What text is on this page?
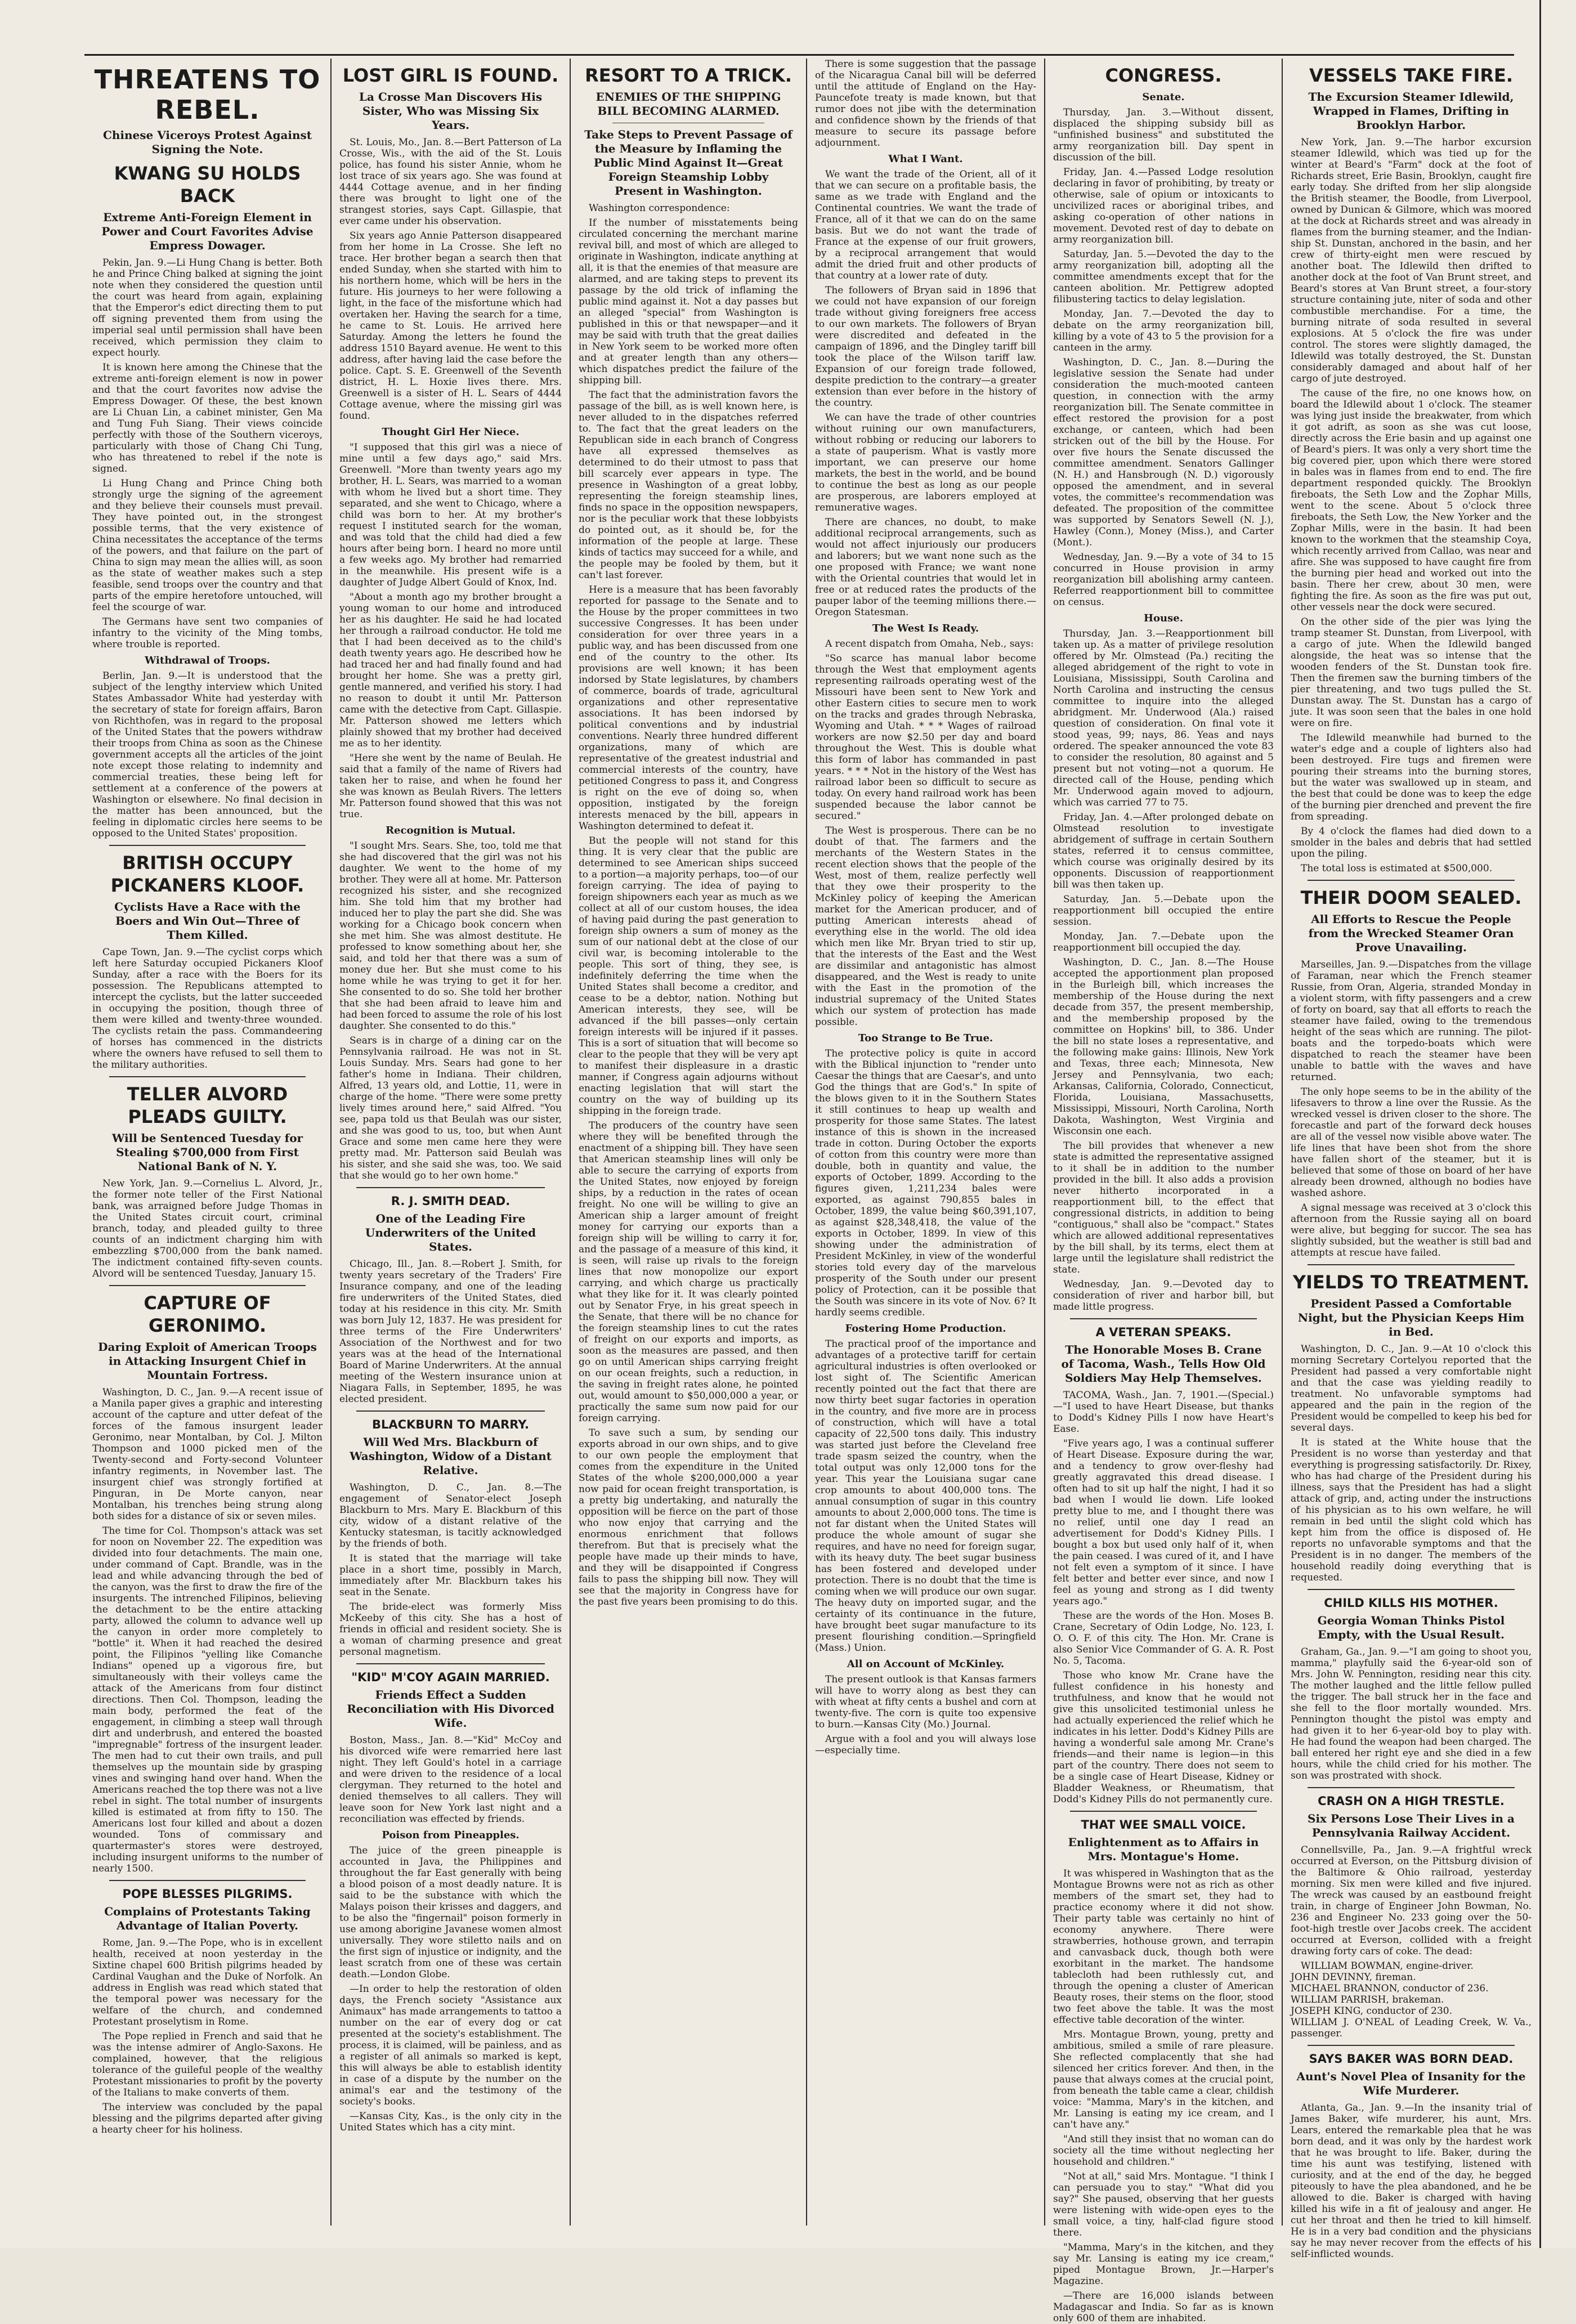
THREATENS TO REBEL.
Chinese Viceroys Protest Against Signing the Note.
KWANG SU HOLDS BACK
Extreme Anti-Foreign Element in Power and Court Favorites Advise Empress Dowager.

Pekin, Jan. 9.—Li Hung Chang is better. Both he and Prince Ching balked at signing the joint note when they considered the question until the court was heard from again, explaining that the Emperor's edict directing them to put off signing prevented them from using the imperial seal until permission shall have been received, which permission they claim to expect hourly.

It is known here among the Chinese that the extreme anti-foreign element is now in power and that the court favorites now advise the Empress Dowager. Of these, the best known are Li Chuan Lin, a cabinet minister, Gen Ma and Tung Fuh Siang. Their views coincide perfectly with those of the Southern viceroys, particularly with those of Chang Chi Tung, who has threatened to rebel if the note is signed.

Li Hung Chang and Prince Ching both strongly urge the signing of the agreement and they believe their counsels must prevail. They have pointed out, in the strongest possible terms, that the very existence of China necessitates the acceptance of the terms of the powers, and that failure on the part of China to sign may mean the allies will, as soon as the state of weather makes such a step feasible, send troops over the country and that parts of the empire heretofore untouched, will feel the scourge of war.

The Germans have sent two companies of infantry to the vicinity of the Ming tombs, where trouble is reported.

Withdrawal of Troops.

Berlin, Jan. 9.—It is understood that the subject of the lengthy interview which United States Ambassador White had yesterday with the secretary of state for foreign affairs, Baron von Richthofen, was in regard to the proposal of the United States that the powers withdraw their troops from China as soon as the Chinese government accepts all the articles of the joint note except those relating to indemnity and commercial treaties, these being left for settlement at a conference of the powers at Washington or elsewhere. No final decision in the matter has been announced, but the feeling in diplomatic circles here seems to be opposed to the United States' proposition.

BRITISH OCCUPY PICKANERS KLOOF.
Cyclists Have a Race with the Boers and Win Out—Three of Them Killed.

Cape Town, Jan. 9.—The cyclist corps which left here Saturday occupied Pickaners Kloof Sunday, after a race with the Boers for its possession. The Republicans attempted to intercept the cyclists, but the latter succeeded in occupying the position, though three of them were killed and twenty-three wounded. The cyclists retain the pass. Commandeering of horses has commenced in the districts where the owners have refused to sell them to the military authorities.

TELLER ALVORD PLEADS GUILTY.
Will be Sentenced Tuesday for Stealing $700,000 from First National Bank of N. Y.

New York, Jan. 9.—Cornelius L. Alvord, Jr., the former note teller of the First National bank, was arraigned before Judge Thomas in the United States circuit court, criminal branch, today, and pleaded guilty to three counts of an indictment charging him with embezzling $700,000 from the bank named. The indictment contained fifty-seven counts. Alvord will be sentenced Tuesday, January 15.

CAPTURE OF GERONIMO.
Daring Exploit of American Troops in Attacking Insurgent Chief in Mountain Fortress.

Washington, D. C., Jan. 9.—A recent issue of a Manila paper gives a graphic and interesting account of the capture and utter defeat of the forces of the famous insurgent leader Geronimo, near Montalban, by Col. J. Milton Thompson and 1000 picked men of the Twenty-second and Forty-second Volunteer infantry regiments, in November last. The insurgent chief was strongly fortified at Pinguran, in De Morte canyon, near Montalban, his trenches being strung along both sides for a distance of six or seven miles.

The time for Col. Thompson's attack was set for noon on November 22. The expedition was divided into four detachments. The main one, under command of Capt. Brandle, was in the lead and while advancing through the bed of the canyon, was the first to draw the fire of the insurgents. The intrenched Filipinos, believing the detachment to be the entire attacking party, allowed the column to advance well up the canyon in order more completely to "bottle" it. When it had reached the desired point, the Filipinos "yelling like Comanche Indians" opened up a vigorous fire, but simultaneously with their volleys came the attack of the Americans from four distinct directions. Then Col. Thompson, leading the main body, performed the feat of the engagement, in climbing a steep wall through dirt and underbrush, and entered the boasted "impregnable" fortress of the insurgent leader. The men had to cut their own trails, and pull themselves up the mountain side by grasping vines and swinging hand over hand. When the Americans reached the top there was not a live rebel in sight. The total number of insurgents killed is estimated at from fifty to 150. The Americans lost four killed and about a dozen wounded. Tons of commissary and quartermaster's stores were destroyed, including insurgent uniforms to the number of nearly 1500.

POPE BLESSES PILGRIMS.
Complains of Protestants Taking Advantage of Italian Poverty.

Rome, Jan. 9.—The Pope, who is in excellent health, received at noon yesterday in the Sixtine chapel 600 British pilgrims headed by Cardinal Vaughan and the Duke of Norfolk. An address in English was read which stated that the temporal power was necessary for the welfare of the church, and condemned Protestant proselytism in Rome.

The Pope replied in French and said that he was the intense admirer of Anglo-Saxons. He complained, however, that the religious tolerance of the guileful people of the wealthy Protestant missionaries to profit by the poverty of the Italians to make converts of them.

The interview was concluded by the papal blessing and the pilgrims departed after giving a hearty cheer for his holiness.

LOST GIRL IS FOUND.
La Crosse Man Discovers His Sister, Who was Missing Six Years.

St. Louis, Mo., Jan. 8.—Bert Patterson of La Crosse, Wis., with the aid of the St. Louis police, has found his sister Annie, whom he lost trace of six years ago. She was found at 4444 Cottage avenue, and in her finding there was brought to light one of the strangest stories, says Capt. Gillaspie, that ever came under his observation.

Six years ago Annie Patterson disappeared from her home in La Crosse. She left no trace. Her brother began a search then that ended Sunday, when she started with him to his northern home, which will be hers in the future. His journeys to her were following a light, in the face of the misfortune which had overtaken her. Having the search for a time, he came to St. Louis. He arrived here Saturday. Among the letters he found the address 1510 Bayard avenue. He went to this address, after having laid the case before the police. Capt. S. E. Greenwell of the Seventh district, H. L. Hoxie lives there. Mrs. Greenwell is a sister of H. L. Sears of 4444 Cottage avenue, where the missing girl was found.

Thought Girl Her Niece.

"I supposed that this girl was a niece of mine until a few days ago," said Mrs. Greenwell. "More than twenty years ago my brother, H. L. Sears, was married to a woman with whom he lived but a short time. They separated, and she went to Chicago, where a child was born to her. At my brother's request I instituted search for the woman, and was told that the child had died a few hours after being born. I heard no more until a few weeks ago. My brother had remarried in the meanwhile. His present wife is a daughter of Judge Albert Gould of Knox, Ind.

"About a month ago my brother brought a young woman to our home and introduced her as his daughter. He said he had located her through a railroad conductor. He told me that I had been deceived as to the child's death twenty years ago. He described how he had traced her and had finally found and had brought her home. She was a pretty girl, gentle mannered, and verified his story. I had no reason to doubt it until Mr. Patterson came with the detective from Capt. Gillaspie. Mr. Patterson showed me letters which plainly showed that my brother had deceived me as to her identity.

"Here she went by the name of Beulah. He said that a family of the name of Rivers had taken her to raise, and when he found her she was known as Beulah Rivers. The letters Mr. Patterson found showed that this was not true.

Recognition is Mutual.

"I sought Mrs. Sears. She, too, told me that she had discovered that the girl was not his daughter. We went to the home of my brother. They were all at home. Mr. Patterson recognized his sister, and she recognized him. She told him that my brother had induced her to play the part she did. She was working for a Chicago book concern when she met him. She was almost destitute. He professed to know something about her, she said, and told her that there was a sum of money due her. But she must come to his home while he was trying to get it for her. She consented to do so. She told her brother that she had been afraid to leave him and had been forced to assume the role of his lost daughter. She consented to do this."

Sears is in charge of a dining car on the Pennsylvania railroad. He was not in St. Louis Sunday. Mrs. Sears had gone to her father's home in Indiana. Their children, Alfred, 13 years old, and Lottie, 11, were in charge of the home. "There were some pretty lively times around here," said Alfred. "You see, papa told us that Beulah was our sister, and she was good to us, too, but when Aunt Grace and some men came here they were pretty mad. Mr. Patterson said Beulah was his sister, and she said she was, too. We said that she would go to her own home."

R. J. SMITH DEAD.
One of the Leading Fire Underwriters of the United States.

Chicago, Ill., Jan. 8.—Robert J. Smith, for twenty years secretary of the Traders' Fire Insurance company, and one of the leading fire underwriters of the United States, died today at his residence in this city. Mr. Smith was born July 12, 1837. He was president for three terms of the Fire Underwriters' Association of the Northwest and for two years was at the head of the International Board of Marine Underwriters. At the annual meeting of the Western insurance union at Niagara Falls, in September, 1895, he was elected president.

BLACKBURN TO MARRY.
Will Wed Mrs. Blackburn of Washington, Widow of a Distant Relative.

Washington, D. C., Jan. 8.—The engagement of Senator-elect Joseph Blackburn to Mrs. Mary E. Blackburn of this city, widow of a distant relative of the Kentucky statesman, is tacitly acknowledged by the friends of both.

It is stated that the marriage will take place in a short time, possibly in March, immediately after Mr. Blackburn takes his seat in the Senate.

The bride-elect was formerly Miss McKeeby of this city. She has a host of friends in official and resident society. She is a woman of charming presence and great personal magnetism.

"KID" M'COY AGAIN MARRIED.
Friends Effect a Sudden Reconciliation with His Divorced Wife.

Boston, Mass., Jan. 8.—"Kid" McCoy and his divorced wife were remarried here last night. They left Gould's hotel in a carriage and were driven to the residence of a local clergyman. They returned to the hotel and denied themselves to all callers. They will leave soon for New York last night and a reconciliation was effected by friends.

Poison from Pineapples.

The juice of the green pineapple is accounted in Java, the Philippines and throughout the far East generally with being a blood poison of a most deadly nature. It is said to be the substance with which the Malays poison their krisses and daggers, and to be also the "fingernail" poison formerly in use among aborigine Javanese women almost universally. They wore stiletto nails and on the first sign of injustice or indignity, and the least scratch from one of these was certain death.—London Globe.

—In order to help the restoration of olden days, the French society "Assistance aux Animaux" has made arrangements to tattoo a number on the ear of every dog or cat presented at the society's establishment. The process, it is claimed, will be painless, and as a register of all animals so marked is kept, this will always be able to establish identity in case of a dispute by the number on the animal's ear and the testimony of the society's books.

—Kansas City, Kas., is the only city in the United States which has a city mint.

RESORT TO A TRICK.
ENEMIES OF THE SHIPPING BILL BECOMING ALARMED.
Take Steps to Prevent Passage of the Measure by Inflaming the Public Mind Against It—Great Foreign Steamship Lobby Present in Washington.

Washington correspondence:

If the number of misstatements being circulated concerning the merchant marine revival bill, and most of which are alleged to originate in Washington, indicate anything at all, it is that the enemies of that measure are alarmed, and are taking steps to prevent its passage by the old trick of inflaming the public mind against it. Not a day passes but an alleged "special" from Washington is published in this or that newspaper—and it may be said with truth that the great dailies in New York seem to be worked more often and at greater length than any others—which dispatches predict the failure of the shipping bill.

The fact that the administration favors the passage of the bill, as is well known here, is never alluded to in the dispatches referred to. The fact that the great leaders on the Republican side in each branch of Congress have all expressed themselves as determined to do their utmost to pass that bill scarcely ever appears in type. The presence in Washington of a great lobby, representing the foreign steamship lines, finds no space in the opposition newspapers, nor is the peculiar work that these lobbyists do pointed out, as it should be, for the information of the people at large. These kinds of tactics may succeed for a while, and the people may be fooled by them, but it can't last forever.

Here is a measure that has been favorably reported for passage to the Senate and to the House by the proper committees in two successive Congresses. It has been under consideration for over three years in a public way, and has been discussed from one end of the country to the other. Its provisions are well known; it has been indorsed by State legislatures, by chambers of commerce, boards of trade, agricultural organizations and other representative associations. It has been indorsed by political conventions and by industrial conventions. Nearly three hundred different organizations, many of which are representative of the greatest industrial and commercial interests of the country, have petitioned Congress to pass it, and Congress is right on the eve of doing so, when opposition, instigated by the foreign interests menaced by the bill, appears in Washington determined to defeat it.

But the people will not stand for this thing. It is very clear that the public are determined to see American ships succeed to a portion—a majority perhaps, too—of our foreign carrying. The idea of paying to foreign shipowners each year as much as we collect at all of our custom houses, the idea of having paid during the past generation to foreign ship owners a sum of money as the sum of our national debt at the close of our civil war, is becoming intolerable to the people. This sort of thing, they see, is indefinitely deferring the time when the United States shall become a creditor, and cease to be a debtor, nation. Nothing but American interests, they see, will be advanced if the bill passes—only certain foreign interests will be injured if it passes. This is a sort of situation that will become so clear to the people that they will be very apt to manifest their displeasure in a drastic manner, if Congress again adjourns without enacting legislation that will start the country on the way of building up its shipping in the foreign trade.

The producers of the country have seen where they will be benefited through the enactment of a shipping bill. They have seen that American steamship lines will only be able to secure the carrying of exports from the United States, now enjoyed by foreign ships, by a reduction in the rates of ocean freight. No one will be willing to give an American ship a larger amount of freight money for carrying our exports than a foreign ship will be willing to carry it for, and the passage of a measure of this kind, it is seen, will raise up rivals to the foreign lines that now monopolize our export carrying, and which charge us practically what they like for it. It was clearly pointed out by Senator Frye, in his great speech in the Senate, that there will be no chance for the foreign steamship lines to cut the rates of freight on our exports and imports, as soon as the measures are passed, and then go on until American ships carrying freight on our ocean freights, such a reduction, in the saving in freight rates alone, he pointed out, would amount to $50,000,000 a year, or practically the same sum now paid for our foreign carrying.

To save such a sum, by sending our exports abroad in our own ships, and to give to our own people the employment that comes from the expenditure in the United States of the whole $200,000,000 a year now paid for ocean freight transportation, is a pretty big undertaking, and naturally the opposition will be fierce on the part of those who now enjoy that carrying and the enormous enrichment that follows therefrom. But that is precisely what the people have made up their minds to have, and they will be disappointed if Congress fails to pass the shipping bill now. They will see that the majority in Congress have for the past five years been promising to do this.

There is some suggestion that the passage of the Nicaragua Canal bill will be deferred until the attitude of England on the Hay-Pauncefote treaty is made known, but that rumor does not jibe with the determination and confidence shown by the friends of that measure to secure its passage before adjournment.

What I Want.

We want the trade of the Orient, all of it that we can secure on a profitable basis, the same as we trade with England and the Continental countries. We want the trade of France, all of it that we can do on the same basis. But we do not want the trade of France at the expense of our fruit growers, by a reciprocal arrangement that would admit the dried fruit and other products of that country at a lower rate of duty.

The followers of Bryan said in 1896 that we could not have expansion of our foreign trade without giving foreigners free access to our own markets. The followers of Bryan were discredited and defeated in the campaign of 1896, and the Dingley tariff bill took the place of the Wilson tariff law. Expansion of our foreign trade followed, despite prediction to the contrary—a greater extension than ever before in the history of the country.

We can have the trade of other countries without ruining our own manufacturers, without robbing or reducing our laborers to a state of pauperism. What is vastly more important, we can preserve our home markets, the best in the world, and be bound to continue the best as long as our people are prosperous, are laborers employed at remunerative wages.

There are chances, no doubt, to make additional reciprocal arrangements, such as would not affect injuriously our producers and laborers; but we want none such as the one proposed with France; we want none with the Oriental countries that would let in free or at reduced rates the products of the pauper labor of the teeming millions there.—Oregon Statesman.

The West Is Ready.

A recent dispatch from Omaha, Neb., says:

"So scarce has manual labor become through the West that employment agents representing railroads operating west of the Missouri have been sent to New York and other Eastern cities to secure men to work on the tracks and grades through Nebraska, Wyoming and Utah. * * * Wages of railroad workers are now $2.50 per day and board throughout the West. This is double what this form of labor has commanded in past years. * * * Not in the history of the West has railroad labor been so difficult to secure as today. On every hand railroad work has been suspended because the labor cannot be secured."

The West is prosperous. There can be no doubt of that. The farmers and the merchants of the Western States in the recent election shows that the people of the West, most of them, realize perfectly well that they owe their prosperity to the McKinley policy of keeping the American market for the American producer, and of putting American interests ahead of everything else in the world. The old idea which men like Mr. Bryan tried to stir up, that the interests of the East and the West are dissimilar and antagonistic has almost disappeared, and the West is ready to unite with the East in the promotion of the industrial supremacy of the United States which our system of protection has made possible.

Too Strange to Be True.

The protective policy is quite in accord with the Biblical injunction to "render unto Caesar the things that are Caesar's, and unto God the things that are God's." In spite of the blows given to it in the Southern States it still continues to heap up wealth and prosperity for those same States. The latest instance of this is shown in the increased trade in cotton. During October the exports of cotton from this country were more than double, both in quantity and value, the exports of October, 1899. According to the figures given, 1,211,234 bales were exported, as against 790,855 bales in October, 1899, the value being $60,391,107, as against $28,348,418, the value of the exports in October, 1899. In view of this showing under the administration of President McKinley, in view of the wonderful stories told every day of the marvelous prosperity of the South under our present policy of Protection, can it be possible that the South was sincere in its vote of Nov. 6? It hardly seems credible.

Fostering Home Production.

The practical proof of the importance and advantages of a protective tariff for certain agricultural industries is often overlooked or lost sight of. The Scientific American recently pointed out the fact that there are now thirty beet sugar factories in operation in the country, and five more are in process of construction, which will have a total capacity of 22,500 tons daily. This industry was started just before the Cleveland free trade spasm seized the country, when the total output was only 12,000 tons for the year. This year the Louisiana sugar cane crop amounts to about 400,000 tons. The annual consumption of sugar in this country amounts to about 2,000,000 tons. The time is not far distant when the United States will produce the whole amount of sugar she requires, and have no need for foreign sugar, with its heavy duty. The beet sugar business has been fostered and developed under protection. There is no doubt that the time is coming when we will produce our own sugar. The heavy duty on imported sugar, and the certainty of its continuance in the future, have brought beet sugar manufacture to its present flourishing condition.—Springfield (Mass.) Union.

All on Account of McKinley.

The present outlook is that Kansas farmers will have to worry along as best they can with wheat at fifty cents a bushel and corn at twenty-five. The corn is quite too expensive to burn.—Kansas City (Mo.) Journal.

Argue with a fool and you will always lose—especially time.

CONGRESS.
Senate.

Thursday, Jan. 3.—Without dissent, displaced the shipping subsidy bill as "unfinished business" and substituted the army reorganization bill. Day spent in discussion of the bill.

Friday, Jan. 4.—Passed Lodge resolution declaring in favor of prohibiting, by treaty or otherwise, sale of opium or intoxicants to uncivilized races or aboriginal tribes, and asking co-operation of other nations in movement. Devoted rest of day to debate on army reorganization bill.

Saturday, Jan. 5.—Devoted the day to the army reorganization bill, adopting all the committee amendments except that for the canteen abolition. Mr. Pettigrew adopted filibustering tactics to delay legislation.

Monday, Jan. 7.—Devoted the day to debate on the army reorganization bill, killing by a vote of 43 to 5 the provision for a canteen in the army.

Washington, D. C., Jan. 8.—During the legislative session the Senate had under consideration the much-mooted canteen question, in connection with the army reorganization bill. The Senate committee in effect restored the provision for a post exchange, or canteen, which had been stricken out of the bill by the House. For over five hours the Senate discussed the committee amendment. Senators Gallinger (N. H.) and Hansbrough (N. D.) vigorously opposed the amendment, and in several votes, the committee's recommendation was defeated. The proposition of the committee was supported by Senators Sewell (N. J.), Hawley (Conn.), Money (Miss.), and Carter (Mont.).

Wednesday, Jan. 9.—By a vote of 34 to 15 concurred in House provision in army reorganization bill abolishing army canteen. Referred reapportionment bill to committee on census.

House.

Thursday, Jan. 3.—Reapportionment bill taken up. As a matter of privilege resolution offered by Mr. Olmstead (Pa.) reciting the alleged abridgement of the right to vote in Louisiana, Mississippi, South Carolina and North Carolina and instructing the census committee to inquire into the alleged abridgment. Mr. Underwood (Ala.) raised question of consideration. On final vote it stood yeas, 99; nays, 86. Yeas and nays ordered. The speaker announced the vote 83 to consider the resolution, 80 against and 5 present but not voting—not a quorum. He directed call of the House, pending which Mr. Underwood again moved to adjourn, which was carried 77 to 75.

Friday, Jan. 4.—After prolonged debate on Olmstead resolution to investigate abridgement of suffrage in certain Southern states, referred it to census committee, which course was originally desired by its opponents. Discussion of reapportionment bill was then taken up.

Saturday, Jan. 5.—Debate upon the reapportionment bill occupied the entire session.

Monday, Jan. 7.—Debate upon the reapportionment bill occupied the day.

Washington, D. C., Jan. 8.—The House accepted the apportionment plan proposed in the Burleigh bill, which increases the membership of the House during the next decade from 357, the present membership, and the membership proposed by the committee on Hopkins' bill, to 386. Under the bill no state loses a representative, and the following make gains: Illinois, New York and Texas, three each; Minnesota, New Jersey and Pennsylvania, two each; Arkansas, California, Colorado, Connecticut, Florida, Louisiana, Massachusetts, Mississippi, Missouri, North Carolina, North Dakota, Washington, West Virginia and Wisconsin one each.

The bill provides that whenever a new state is admitted the representative assigned to it shall be in addition to the number provided in the bill. It also adds a provision never hitherto incorporated in a reapportionment bill, to the effect that congressional districts, in addition to being "contiguous," shall also be "compact." States which are allowed additional representatives by the bill shall, by its terms, elect them at large until the legislature shall redistrict the state.

Wednesday, Jan. 9.—Devoted day to consideration of river and harbor bill, but made little progress.

A VETERAN SPEAKS.
The Honorable Moses B. Crane of Tacoma, Wash., Tells How Old Soldiers May Help Themselves.

TACOMA, Wash., Jan. 7, 1901.—(Special.)—"I used to have Heart Disease, but thanks to Dodd's Kidney Pills I now have Heart's Ease.

"Five years ago, I was a continual sufferer of Heart Disease. Exposure during the war, and a tendency to grow over-fleshy had greatly aggravated this dread disease. I often had to sit up half the night, I had it so bad when I would lie down. Life looked pretty blue to me, and I thought there was no relief, until one day I read an advertisement for Dodd's Kidney Pills. I bought a box but used only half of it, when the pain ceased. I was cured of it, and I have not felt even a symptom of it since. I have felt better and better ever since, and now I feel as young and strong as I did twenty years ago."

These are the words of the Hon. Moses B. Crane, Secretary of Odin Lodge, No. 123, I. O. O. F. of this city. The Hon. Mr. Crane is also Senior Vice Commander of G. A. R. Post No. 5, Tacoma.

Those who know Mr. Crane have the fullest confidence in his honesty and truthfulness, and know that he would not give this unsolicited testimonial unless he had actually experienced the relief which he indicates in his letter. Dodd's Kidney Pills are having a wonderful sale among Mr. Crane's friends—and their name is legion—in this part of the country. There does not seem to be a single case of Heart Disease, Kidney or Bladder Weakness, or Rheumatism, that Dodd's Kidney Pills do not permanently cure.

THAT WEE SMALL VOICE.
Enlightenment as to Affairs in Mrs. Montague's Home.

It was whispered in Washington that as the Montague Browns were not as rich as other members of the smart set, they had to practice economy where it did not show. Their party table was certainly no hint of economy anywhere. There were strawberries, hothouse grown, and terrapin and canvasback duck, though both were exorbitant in the market. The handsome tablecloth had been ruthlessly cut, and through the opening a cluster of American Beauty roses, their stems on the floor, stood two feet above the table. It was the most effective table decoration of the winter.

Mrs. Montague Brown, young, pretty and ambitious, smiled a smile of rare pleasure. She reflected complacently that she had silenced her critics forever. And then, in the pause that always comes at the crucial point, from beneath the table came a clear, childish voice: "Mamma, Mary's in the kitchen, and Mr. Lansing is eating my ice cream, and I can't have any."

"And still they insist that no woman can do society all the time without neglecting her household and children."

"Not at all," said Mrs. Montague. "I think I can persuade you to stay." "What did you say?" She paused, observing that her guests were listening with wide-open eyes to the small voice, a tiny, half-clad figure stood there.

"Mamma, Mary's in the kitchen, and they say Mr. Lansing is eating my ice cream," piped Montague Brown, Jr.—Harper's Magazine.

—There are 16,000 islands between Madagascar and India. So far as is known only 600 of them are inhabited.

VESSELS TAKE FIRE.
The Excursion Steamer Idlewild, Wrapped in Flames, Drifting in Brooklyn Harbor.

New York, Jan. 9.—The harbor excursion steamer Idlewild, which was tied up for the winter at Beard's "Farm" dock at the foot of Richards street, Erie Basin, Brooklyn, caught fire early today. She drifted from her slip alongside the British steamer, the Boodle, from Liverpool, owned by Dunican & Gilmore, which was moored at the dock at Richards street and was already in flames from the burning steamer, and the Indian-ship St. Dunstan, anchored in the basin, and her crew of thirty-eight men were rescued by another boat. The Idlewild then drifted to another dock at the foot of Van Brunt street, and Beard's stores at Van Brunt street, a four-story structure containing jute, niter of soda and other combustible merchandise. For a time, the burning nitrate of soda resulted in several explosions. At 5 o'clock the fire was under control. The stores were slightly damaged, the Idlewild was totally destroyed, the St. Dunstan considerably damaged and about half of her cargo of jute destroyed.

The cause of the fire, no one knows how, on board the Idlewild about 1 o'clock. The steamer was lying just inside the breakwater, from which it got adrift, as soon as she was cut loose, directly across the Erie basin and up against one of Beard's piers. It was only a very short time the big covered pier, upon which there were stored in bales was in flames from end to end. The fire department responded quickly. The Brooklyn fireboats, the Seth Low and the Zophar Mills, went to the scene. About 5 o'clock three fireboats, the Seth Low, the New Yorker and the Zophar Mills, were in the basin. It had been known to the workmen that the steamship Coya, which recently arrived from Callao, was near and afire. She was supposed to have caught fire from the burning pier head and worked out into the basin. There her crew, about 30 men, were fighting the fire. As soon as the fire was put out, other vessels near the dock were secured.

On the other side of the pier was lying the tramp steamer St. Dunstan, from Liverpool, with a cargo of jute. When the Idlewild banged alongside, the heat was so intense that the wooden fenders of the St. Dunstan took fire. Then the firemen saw the burning timbers of the pier threatening, and two tugs pulled the St. Dunstan away. The St. Dunstan has a cargo of jute. It was soon seen that the bales in one hold were on fire.

The Idlewild meanwhile had burned to the water's edge and a couple of lighters also had been destroyed. Fire tugs and firemen were pouring their streams into the burning stores, but the water was swallowed up in steam, and the best that could be done was to keep the edge of the burning pier drenched and prevent the fire from spreading.

By 4 o'clock the flames had died down to a smolder in the bales and debris that had settled upon the piling.

The total loss is estimated at $500,000.

THEIR DOOM SEALED.
All Efforts to Rescue the People from the Wrecked Steamer Oran Prove Unavailing.

Marseilles, Jan. 9.—Dispatches from the village of Faraman, near which the French steamer Russie, from Oran, Algeria, stranded Monday in a violent storm, with fifty passengers and a crew of forty on board, say that all efforts to reach the steamer have failed, owing to the tremendous height of the seas which are running. The pilot-boats and the torpedo-boats which were dispatched to reach the steamer have been unable to battle with the waves and have returned.

The only hope seems to be in the ability of the lifesavers to throw a line over the Russie. As the wrecked vessel is driven closer to the shore. The forecastle and part of the forward deck houses are all of the vessel now visible above water. The life lines that have been shot from the shore have fallen short of the steamer, but it is believed that some of those on board of her have already been drowned, although no bodies have washed ashore.

A signal message was received at 3 o'clock this afternoon from the Russie saying all on board were alive, but begging for succor. The sea has slightly subsided, but the weather is still bad and attempts at rescue have failed.

YIELDS TO TREATMENT.
President Passed a Comfortable Night, but the Physician Keeps Him in Bed.

Washington, D. C., Jan. 9.—At 10 o'clock this morning Secretary Cortelyou reported that the President had passed a very comfortable night and that the case was yielding readily to treatment. No unfavorable symptoms had appeared and the pain in the region of the President would be compelled to keep his bed for several days.

It is stated at the White house that the President is no worse than yesterday and that everything is progressing satisfactorily. Dr. Rixey, who has had charge of the President during his illness, says that the President has had a slight attack of grip, and, acting under the instructions of his physician as to his own welfare, he will remain in bed until the slight cold which has kept him from the office is disposed of. He reports no unfavorable symptoms and that the President is in no danger. The members of the household readily doing everything that is requested.

CHILD KILLS HIS MOTHER.
Georgia Woman Thinks Pistol Empty, with the Usual Result.

Graham, Ga., Jan. 9.—"I am going to shoot you, mamma," playfully said the 6-year-old son of Mrs. John W. Pennington, residing near this city. The mother laughed and the little fellow pulled the trigger. The ball struck her in the face and she fell to the floor mortally wounded. Mrs. Pennington thought the pistol was empty and had given it to her 6-year-old boy to play with. He had found the weapon had been charged. The ball entered her right eye and she died in a few hours, while the child cried for his mother. The son was prostrated with shock.

CRASH ON A HIGH TRESTLE.
Six Persons Lose Their Lives in a Pennsylvania Railway Accident.

Connellsville, Pa., Jan. 9.—A frightful wreck occurred at Everson, on the Pittsburg division of the Baltimore & Ohio railroad, yesterday morning. Six men were killed and five injured. The wreck was caused by an eastbound freight train, in charge of Engineer John Bowman, No. 236 and Engineer No. 233 going over the 50-foot-high trestle over Jacobs creek. The accident occurred at Everson, collided with a freight drawing forty cars of coke. The dead:

WILLIAM BOWMAN, engine-driver.
JOHN DEVINNY, fireman.
MICHAEL BRANNON, conductor of 236.
WILLIAM PARRISH, brakeman.
JOSEPH KING, conductor of 230.
WILLIAM J. O'NEAL of Leading Creek, W. Va., passenger.

SAYS BAKER WAS BORN DEAD.
Aunt's Novel Plea of Insanity for the Wife Murderer.

Atlanta, Ga., Jan. 9.—In the insanity trial of James Baker, wife murderer, his aunt, Mrs. Lears, entered the remarkable plea that he was born dead, and it was only by the hardest work that he was brought to life. Baker, during the time his aunt was testifying, listened with curiosity, and at the end of the day, he begged piteously to have the plea abandoned, and he be allowed to die. Baker is charged with having killed his wife in a fit of jealousy and anger. He cut her throat and then he tried to kill himself. He is in a very bad condition and the physicians say he may never recover from the effects of his self-inflicted wounds.
